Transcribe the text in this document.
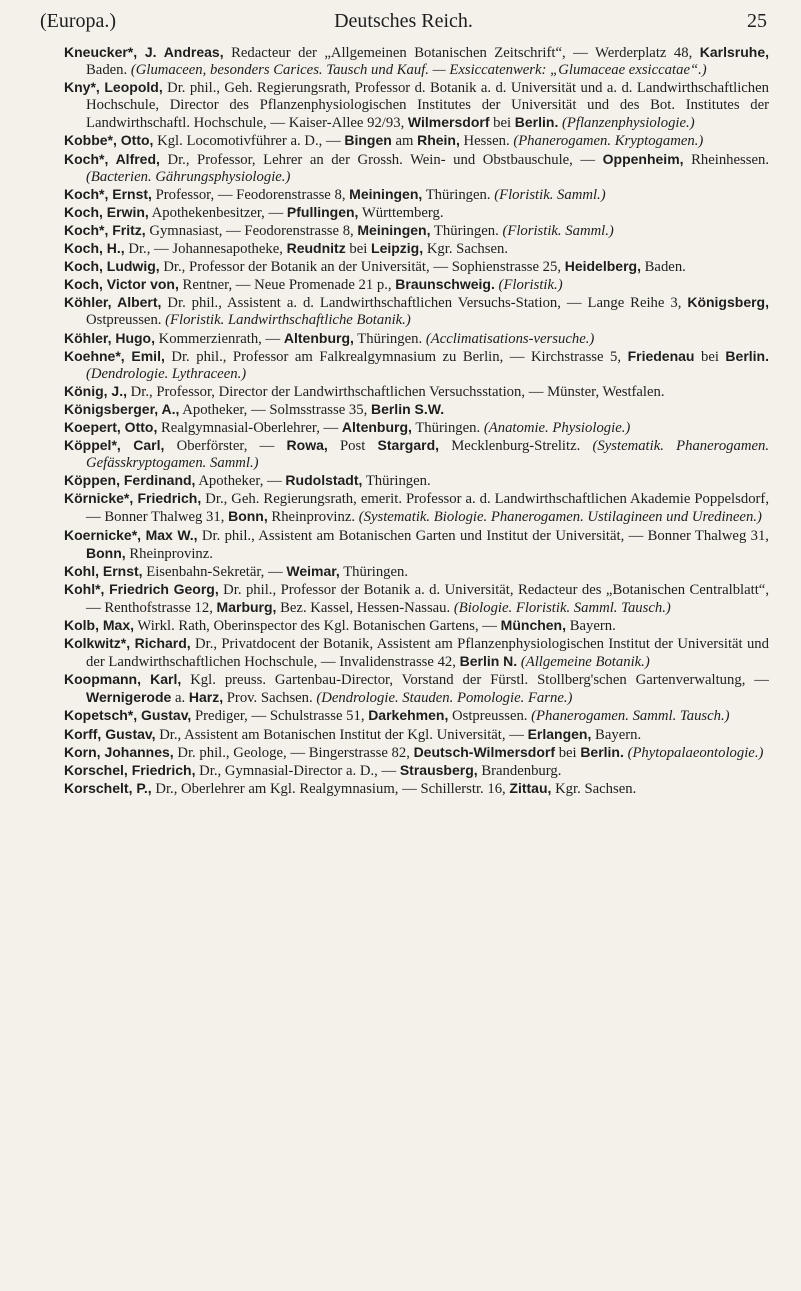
(Europa.)	Deutsches Reich.	25

Kneucker*, J. Andreas, Redacteur der „Allgemeinen Botanischen Zeitschrift“, — Werderplatz 48, Karlsruhe, Baden. (Glumaceen, besonders Carices. Tausch und Kauf. — Exsiccatenwerk: „Glumaceae exsiccatae“.)

Kny*, Leopold, Dr. phil., Geh. Regierungsrath, Professor d. Botanik a. d. Universität und a. d. Landwirthschaftlichen Hochschule, Director des Pflanzenphysiologischen Institutes der Universität und des Bot. Institutes der Landwirthschaftl. Hochschule, — Kaiser-Allee 92/93, Wilmersdorf bei Berlin. (Pflanzenphysiologie.)

Kobbe*, Otto, Kgl. Locomotivführer a. D., — Bingen am Rhein, Hessen. (Phanerogamen. Kryptogamen.)

Koch*, Alfred, Dr., Professor, Lehrer an der Grossh. Wein- und Obstbauschule, — Oppenheim, Rheinhessen. (Bacterien. Gährungsphysiologie.)

Koch*, Ernst, Professor, — Feodorenstrasse 8, Meiningen, Thüringen. (Floristik. Samml.)

Koch, Erwin, Apothekenbesitzer, — Pfullingen, Württemberg.

Koch*, Fritz, Gymnasiast, — Feodorenstrasse 8, Meiningen, Thüringen. (Floristik. Samml.)

Koch, H., Dr., — Johannesapotheke, Reudnitz bei Leipzig, Kgr. Sachsen.

Koch, Ludwig, Dr., Professor der Botanik an der Universität, — Sophienstrasse 25, Heidelberg, Baden.

Koch, Victor von, Rentner, — Neue Promenade 21 p., Braunschweig. (Floristik.)

Köhler, Albert, Dr. phil., Assistent a. d. Landwirthschaftlichen Versuchs-Station, — Lange Reihe 3, Königsberg, Ostpreussen. (Floristik. Landwirthschaftliche Botanik.)

Köhler, Hugo, Kommerzienrath, — Altenburg, Thüringen. (Acclimatisations-versuche.)

Koehne*, Emil, Dr. phil., Professor am Falkrealgymnasium zu Berlin, — Kirchstrasse 5, Friedenau bei Berlin. (Dendrologie. Lythraceen.)

König, J., Dr., Professor, Director der Landwirthschaftlichen Versuchsstation, — Münster, Westfalen.

Königsberger, A., Apotheker, — Solmsstrasse 35, Berlin S.W.

Koepert, Otto, Realgymnasial-Oberlehrer, — Altenburg, Thüringen. (Anatomie. Physiologie.)

Köppel*, Carl, Oberförster, — Rowa, Post Stargard, Mecklenburg-Strelitz. (Systematik. Phanerogamen. Gefässkryptogamen. Samml.)

Köppen, Ferdinand, Apotheker, — Rudolstadt, Thüringen.

Körnicke*, Friedrich, Dr., Geh. Regierungsrath, emerit. Professor a. d. Landwirthschaftlichen Akademie Poppelsdorf, — Bonner Thalweg 31, Bonn, Rheinprovinz. (Systematik. Biologie. Phanerogamen. Ustilagineen und Uredineen.)

Koernicke*, Max W., Dr. phil., Assistent am Botanischen Garten und Institut der Universität, — Bonner Thalweg 31, Bonn, Rheinprovinz.

Kohl, Ernst, Eisenbahn-Sekretär, — Weimar, Thüringen.

Kohl*, Friedrich Georg, Dr. phil., Professor der Botanik a. d. Universität, Redacteur des „Botanischen Centralblatt“, — Renthofstrasse 12, Marburg, Bez. Kassel, Hessen-Nassau. (Biologie. Floristik. Samml. Tausch.)

Kolb, Max, Wirkl. Rath, Oberinspector des Kgl. Botanischen Gartens, — München, Bayern.

Kolkwitz*, Richard, Dr., Privatdocent der Botanik, Assistent am Pflanzenphysiologischen Institut der Universität und der Landwirthschaftlichen Hochschule, — Invalidenstrasse 42, Berlin N. (Allgemeine Botanik.)

Koopmann, Karl, Kgl. preuss. Gartenbau-Director, Vorstand der Fürstl. Stollberg'schen Gartenverwaltung, — Wernigerode a. Harz, Prov. Sachsen. (Dendrologie. Stauden. Pomologie. Farne.)

Kopetsch*, Gustav, Prediger, — Schulstrasse 51, Darkehmen, Ostpreussen. (Phanerogamen. Samml. Tausch.)

Korff, Gustav, Dr., Assistent am Botanischen Institut der Kgl. Universität, — Erlangen, Bayern.

Korn, Johannes, Dr. phil., Geologe, — Bingerstrasse 82, Deutsch-Wilmersdorf bei Berlin. (Phytopalaeontologie.)

Korschel, Friedrich, Dr., Gymnasial-Director a. D., — Strausberg, Brandenburg.

Korschelt, P., Dr., Oberlehrer am Kgl. Realgymnasium, — Schillerstr. 16, Zittau, Kgr. Sachsen.
